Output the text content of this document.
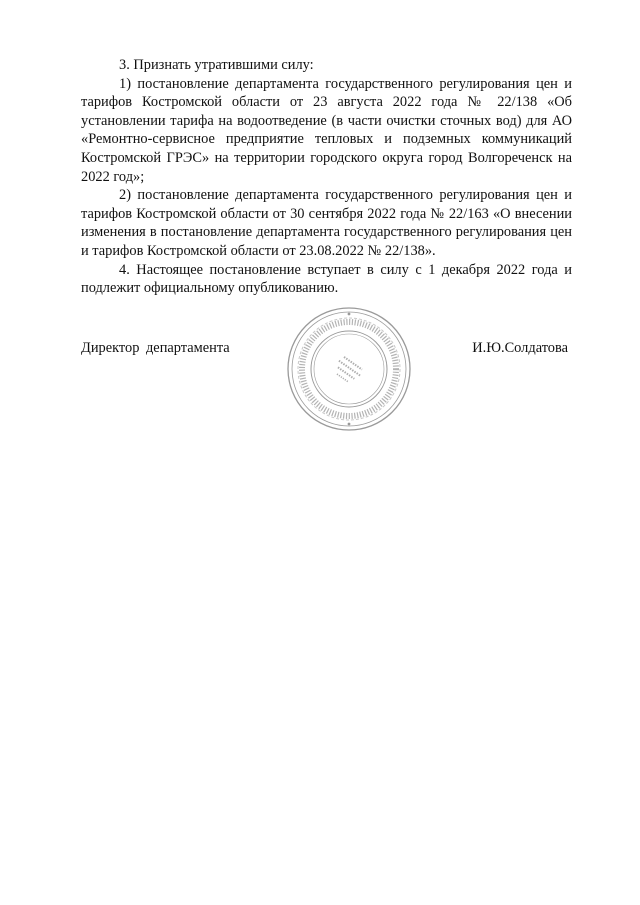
3. Признать утратившими силу:

1) постановление департамента государственного регулирования цен и тарифов Костромской области от 23 августа 2022 года № 22/138 «Об установлении тарифа на водоотведение (в части очистки сточных вод) для АО «Ремонтно-сервисное предприятие тепловых и подземных коммуникаций Костромской ГРЭС» на территории городского округа город Волгореченск на 2022 год»;

2) постановление департамента государственного регулирования цен и тарифов Костромской области от 30 сентября 2022 года № 22/163 «О внесении изменения в постановление департамента государственного регулирования цен и тарифов Костромской области от 23.08.2022 № 22/138».

4. Настоящее постановление вступает в силу с 1 декабря 2022 года и подлежит официальному опубликованию.

Директор департамента	И.Ю.Солдатова
